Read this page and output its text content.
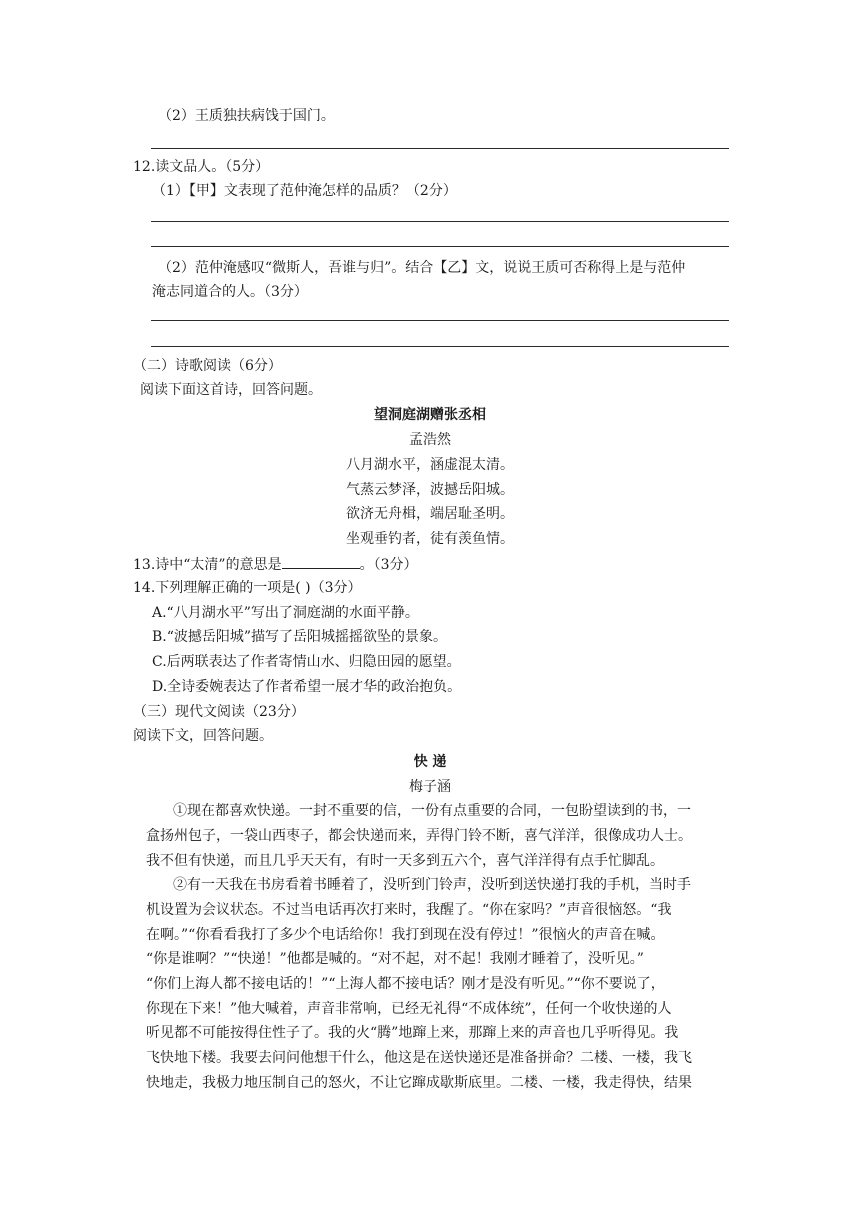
（2）王质独扶病饯于国门。
12.读文品人。（5分）
（1）【甲】文表现了范仲淹怎样的品质？（2分）
（2）范仲淹感叹“微斯人，吾谁与归”。结合【乙】文，说说王质可否称得上是与范仲
淹志同道合的人。（3分）
（二）诗歌阅读（6分）
阅读下面这首诗，回答问题。
望洞庭湖赠张丞相
孟浩然
八月湖水平，涵虚混太清。
气蒸云梦泽，波撼岳阳城。
欲济无舟楫，端居耻圣明。
坐观垂钓者，徒有羡鱼情。
13.诗中“太清”的意思是	。（3分）
14.下列理解正确的一项是( )（3分）
A.“八月湖水平”写出了洞庭湖的水面平静。
B.“波撼岳阳城”描写了岳阳城摇摇欲坠的景象。
C.后两联表达了作者寄情山水、归隐田园的愿望。
D.全诗委婉表达了作者希望一展才华的政治抱负。
（三）现代文阅读（23分）
阅读下文，回答问题。
快 递
梅子涵
①现在都喜欢快递。一封不重要的信，一份有点重要的合同，一包盼望读到的书，一
盒扬州包子，一袋山西枣子，都会快递而来，弄得门铃不断，喜气洋洋，很像成功人士。
我不但有快递，而且几乎天天有，有时一天多到五六个，喜气洋洋得有点手忙脚乱。
②有一天我在书房看着书睡着了，没听到门铃声，没听到送快递打我的手机，当时手
机设置为会议状态。不过当电话再次打来时，我醒了。“你在家吗？”声音很恼怒。“我
在啊。”“你看看我打了多少个电话给你！我打到现在没有停过！”很恼火的声音在喊。
“你是谁啊？”“快递！”他都是喊的。“对不起，对不起！我刚才睡着了，没听见。”
“你们上海人都不接电话的！”“上海人都不接电话？刚才是没有听见。”“你不要说了，
你现在下来！”他大喊着，声音非常响，已经无礼得“不成体统”，任何一个收快递的人
听见都不可能按得住性子了。我的火“腾”地蹿上来，那蹿上来的声音也几乎听得见。我
飞快地下楼。我要去问问他想干什么，他这是在送快递还是准备拼命？二楼、一楼，我飞
快地走，我极力地压制自己的怒火，不让它蹿成歇斯底里。二楼、一楼，我走得快，结果
